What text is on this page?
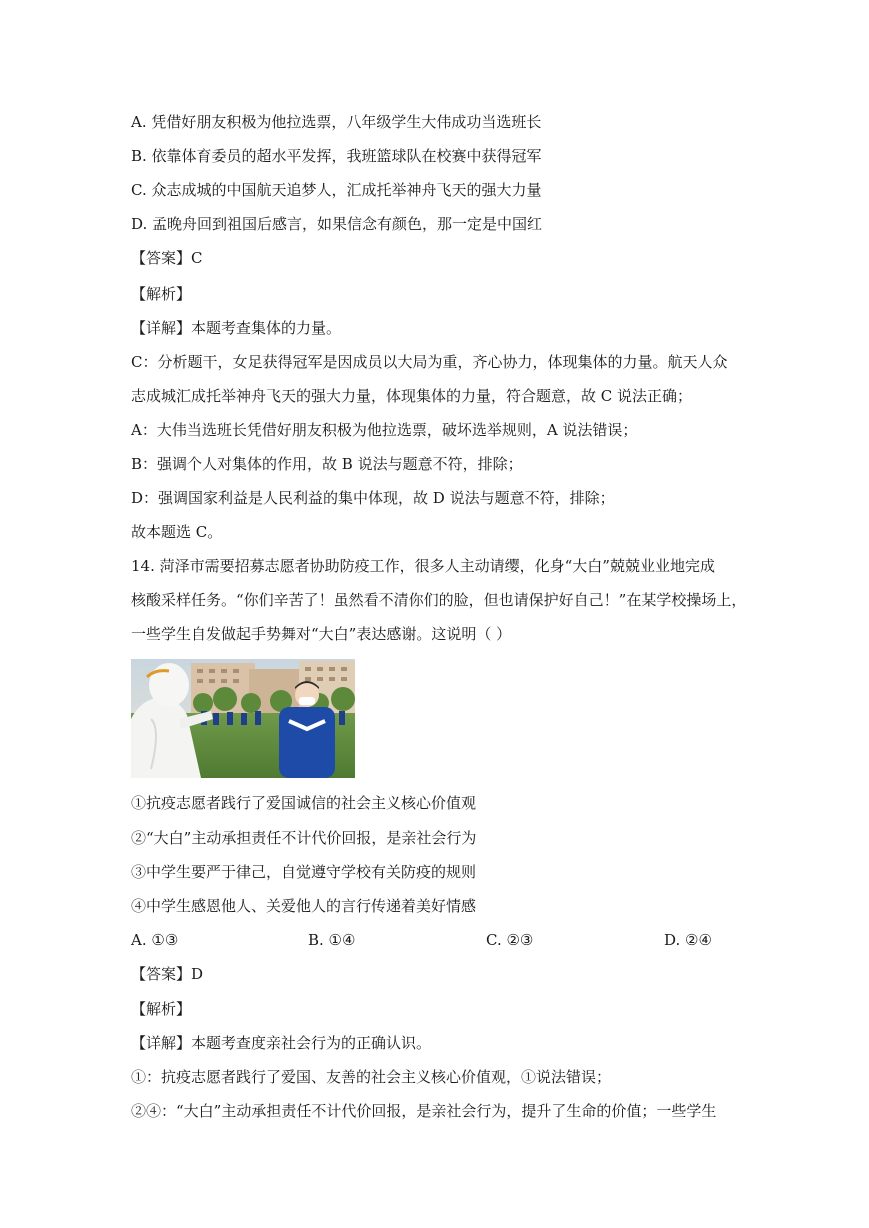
A. 凭借好朋友积极为他拉选票，八年级学生大伟成功当选班长
B. 依靠体育委员的超水平发挥，我班篮球队在校赛中获得冠军
C. 众志成城的中国航天追梦人，汇成托举神舟飞天的强大力量
D. 孟晚舟回到祖国后感言，如果信念有颜色，那一定是中国红
【答案】C
【解析】
【详解】本题考查集体的力量。
C：分析题干，女足获得冠军是因成员以大局为重，齐心协力，体现集体的力量。航天人众
志成城汇成托举神舟飞天的强大力量，体现集体的力量，符合题意，故 C 说法正确；
A：大伟当选班长凭借好朋友积极为他拉选票，破坏选举规则，A 说法错误；
B：强调个人对集体的作用，故 B 说法与题意不符，排除；
D：强调国家利益是人民利益的集中体现，故 D 说法与题意不符，排除；
故本题选 C。
14. 菏泽市需要招募志愿者协助防疫工作，很多人主动请缨，化身“大白”兢兢业业地完成
核酸采样任务。“你们辛苦了！虽然看不清你们的脸，但也请保护好自己！”在某学校操场上，
一些学生自发做起手势舞对“大白”表达感谢。这说明（ ）
①抗疫志愿者践行了爱国诚信的社会主义核心价值观
②“大白”主动承担责任不计代价回报，是亲社会行为
③中学生要严于律己，自觉遵守学校有关防疫的规则
④中学生感恩他人、关爱他人的言行传递着美好情感
A. ①③	B. ①④	C. ②③	D. ②④
【答案】D
【解析】
【详解】本题考查度亲社会行为的正确认识。
①：抗疫志愿者践行了爱国、友善的社会主义核心价值观，①说法错误；
②④：“大白”主动承担责任不计代价回报，是亲社会行为，提升了生命的价值；一些学生
